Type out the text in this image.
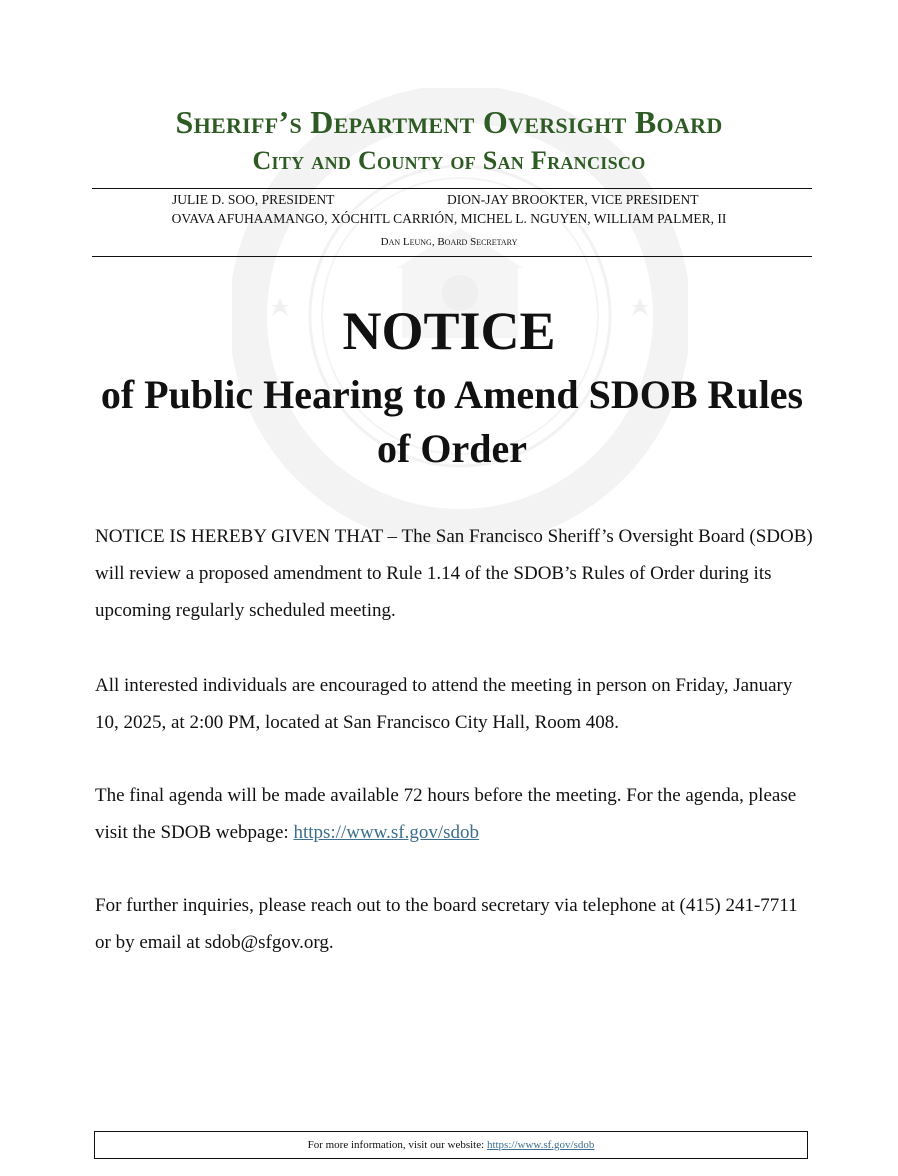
Sheriff’s Department Oversight Board
City and County of San Francisco
JULIE D. SOO, PRESIDENT	DION-JAY BROOKTER, VICE PRESIDENT
OVAVA AFUHAAMANGO, XÓCHITL CARRIÓN, MICHEL L. NGUYEN, WILLIAM PALMER, II
Dan Leung, Board Secretary
NOTICE
of Public Hearing to Amend SDOB Rules of Order
NOTICE IS HEREBY GIVEN THAT – The San Francisco Sheriff’s Oversight Board (SDOB) will review a proposed amendment to Rule 1.14 of the SDOB’s Rules of Order during its upcoming regularly scheduled meeting.
All interested individuals are encouraged to attend the meeting in person on Friday, January 10, 2025, at 2:00 PM, located at San Francisco City Hall, Room 408.
The final agenda will be made available 72 hours before the meeting. For the agenda, please visit the SDOB webpage: https://www.sf.gov/sdob
For further inquiries, please reach out to the board secretary via telephone at (415) 241-7711 or by email at sdob@sfgov.org.
For more information, visit our website: https://www.sf.gov/sdob
